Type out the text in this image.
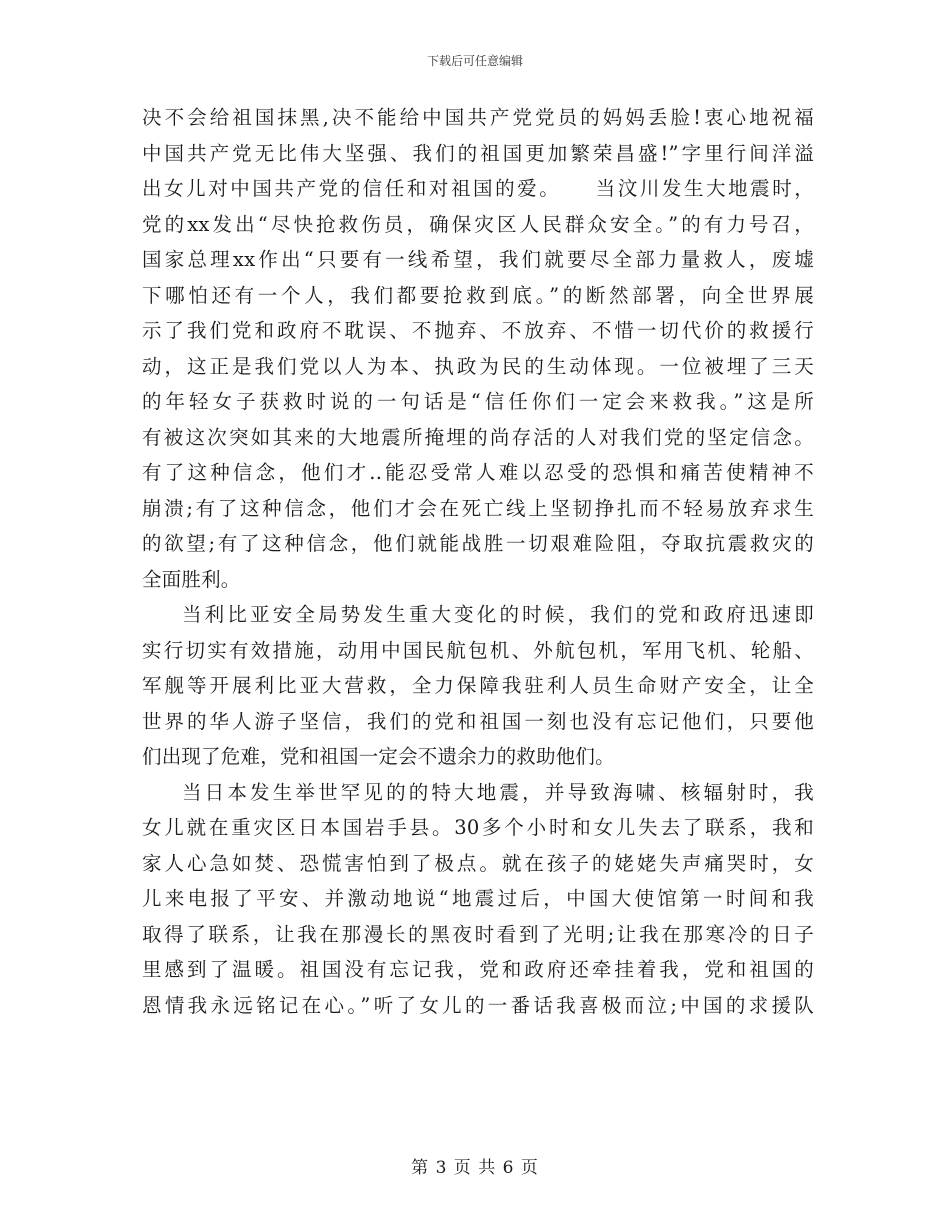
下载后可任意编辑
决不会给祖国抹黑,决不能给中国共产党党员的妈妈丢脸!衷心地祝福
中国共产党无比伟大坚强、我们的祖国更加繁荣昌盛!”字里行间洋溢
出女儿对中国共产党的信任和对祖国的爱。　　当汶川发生大地震时，
党的xx发出“尽快抢救伤员，确保灾区人民群众安全。”的有力号召，
国家总理xx作出“只要有一线希望，我们就要尽全部力量救人，废墟
下哪怕还有一个人，我们都要抢救到底。”的断然部署，向全世界展
示了我们党和政府不耽误、不抛弃、不放弃、不惜一切代价的救援行
动，这正是我们党以人为本、执政为民的生动体现。一位被埋了三天
的年轻女子获救时说的一句话是“信任你们一定会来救我。”这是所
有被这次突如其来的大地震所掩埋的尚存活的人对我们党的坚定信念。
有了这种信念，他们才..能忍受常人难以忍受的恐惧和痛苦使精神不
崩溃;有了这种信念，他们才会在死亡线上坚韧挣扎而不轻易放弃求生
的欲望;有了这种信念，他们就能战胜一切艰难险阻，夺取抗震救灾的
全面胜利。
当利比亚安全局势发生重大变化的时候，我们的党和政府迅速即
实行切实有效措施，动用中国民航包机、外航包机，军用飞机、轮船、
军舰等开展利比亚大营救，全力保障我驻利人员生命财产安全，让全
世界的华人游子坚信，我们的党和祖国一刻也没有忘记他们，只要他
们出现了危难，党和祖国一定会不遗余力的救助他们。
当日本发生举世罕见的的特大地震，并导致海啸、核辐射时，我
女儿就在重灾区日本国岩手县。30多个小时和女儿失去了联系，我和
家人心急如焚、恐慌害怕到了极点。就在孩子的姥姥失声痛哭时，女
儿来电报了平安、并激动地说“地震过后，中国大使馆第一时间和我
取得了联系，让我在那漫长的黑夜时看到了光明;让我在那寒冷的日子
里感到了温暖。祖国没有忘记我，党和政府还牵挂着我，党和祖国的
恩情我永远铭记在心。”听了女儿的一番话我喜极而泣;中国的求援队
第 3 页 共 6 页
